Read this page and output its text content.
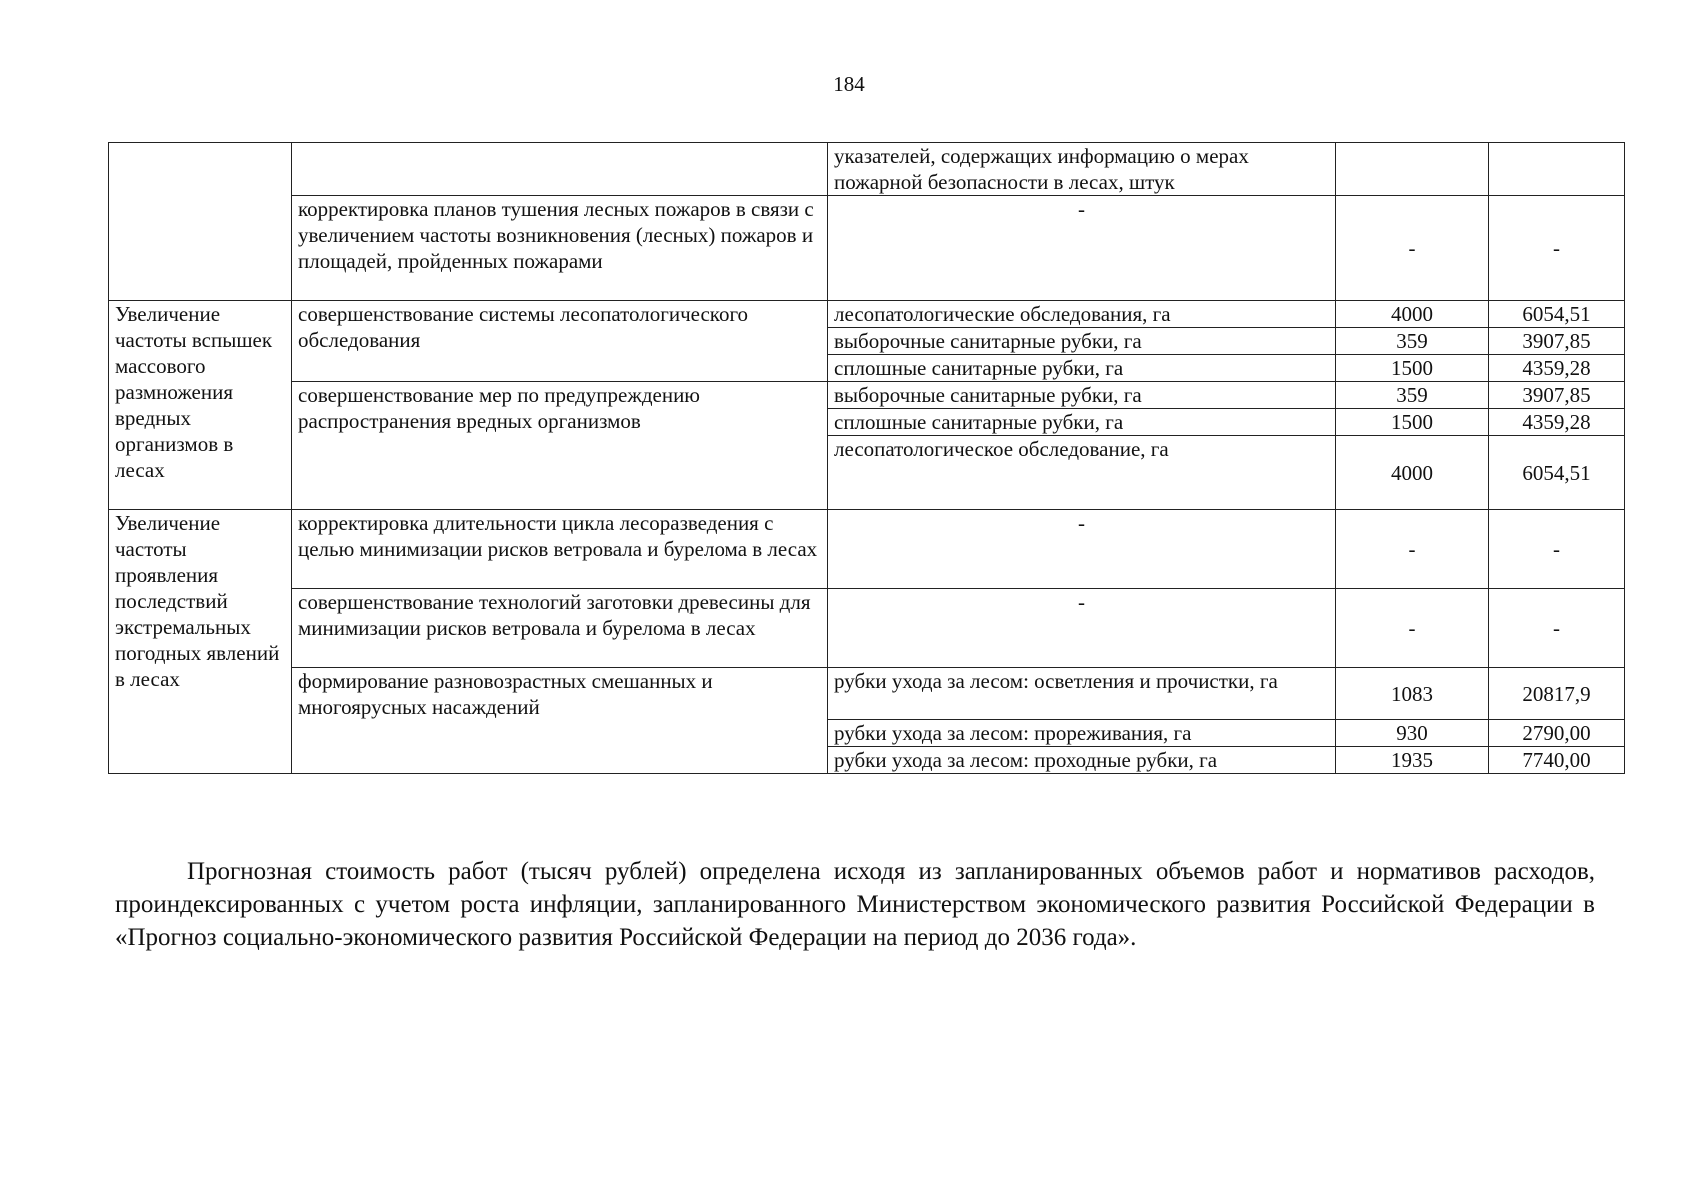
184
		указателей, содержащих информацию о мерах пожарной безопасности в лесах, штук		
	корректировка планов тушения лесных пожаров в связи с увеличением частоты возникновения (лесных) пожаров и площадей, пройденных пожарами	-	-	-
Увеличение частоты вспышек массового размножения вредных организмов в лесах	совершенствование системы лесопатологического обследования	лесопатологические обследования, га	4000	6054,51
		выборочные санитарные рубки, га	359	3907,85
		сплошные санитарные рубки, га	1500	4359,28
	совершенствование мер по предупреждению распространения вредных организмов	выборочные санитарные рубки, га	359	3907,85
		сплошные санитарные рубки, га	1500	4359,28
		лесопатологическое обследование, га	4000	6054,51
Увеличение частоты проявления последствий экстремальных погодных явлений в лесах	корректировка длительности цикла лесоразведения с целью минимизации рисков ветровала и бурелома в лесах	-	-	-
	совершенствование технологий заготовки древесины для минимизации рисков ветровала и бурелома в лесах	-	-	-
	формирование разновозрастных смешанных и многоярусных насаждений	рубки ухода за лесом: осветления и прочистки, га	1083	20817,9
		рубки ухода за лесом: прореживания, га	930	2790,00
		рубки ухода за лесом: проходные рубки, га	1935	7740,00

Прогнозная стоимость работ (тысяч рублей) определена исходя из запланированных объемов работ и нормативов расходов, проиндексированных с учетом роста инфляции, запланированного Министерством экономического развития Российской Федерации в «Прогноз социально-экономического развития Российской Федерации на период до 2036 года».
